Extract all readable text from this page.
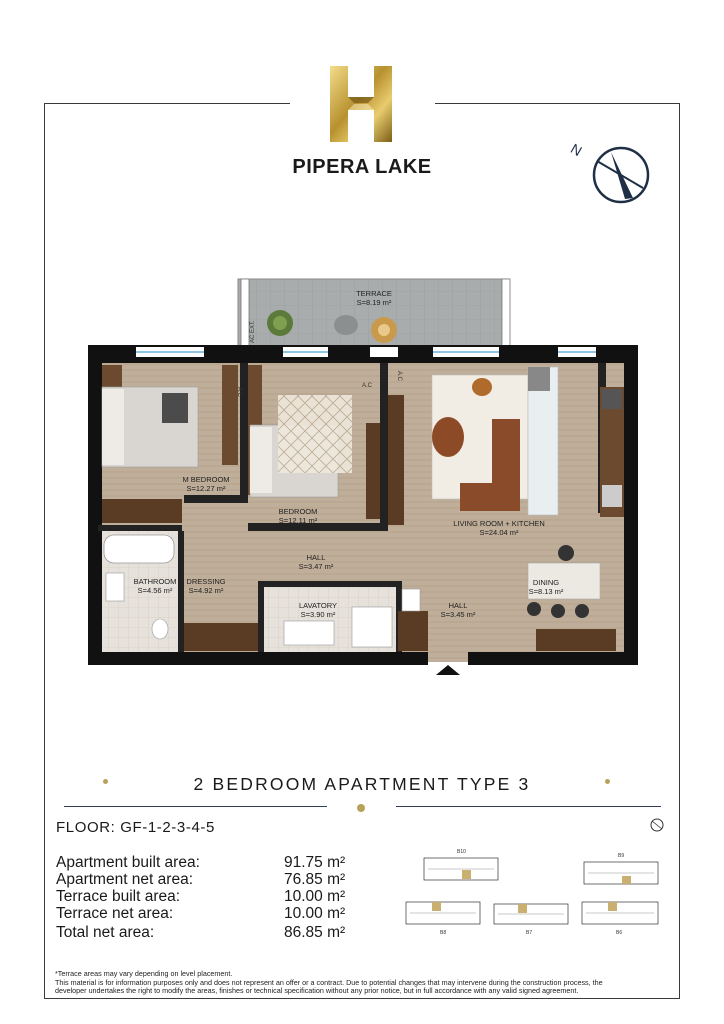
PIPERA LAKE
N
A.C
A.C
A.C
AC EXT.
TERRACE
S=8.19 m²
M BEDROOM
S=12.27 m²
BEDROOM
S=12.11 m²	LIVING ROOM + KITCHEN
S=24.04 m²
HALL
S=3.47 m²
BATHROOM
S=4.56 m²
DRESSING
S=4.92 m²
LAVATORY
S=3.90 m²
HALL
S=3.45 m²
DINING
S=8.13 m²
2 BEDROOM APARTMENT TYPE 3
FLOOR: GF-1-2-3-4-5
Apartment built area:	91.75 m²
Apartment net area:	76.85 m²
Terrace built area:	10.00 m²
Terrace net area:	10.00 m²
Total net area:	86.85 m²
B10
B9
B8	B7	B6
*Terrace areas may vary depending on level placement.
This material is for information purposes only and does not represent an offer or a contract. Due to potential changes that may intervene during the construction process, the
developer undertakes the right to modify the areas, finishes or technical specification without any prior notice, but in full accordance with any valid signed agreement.
